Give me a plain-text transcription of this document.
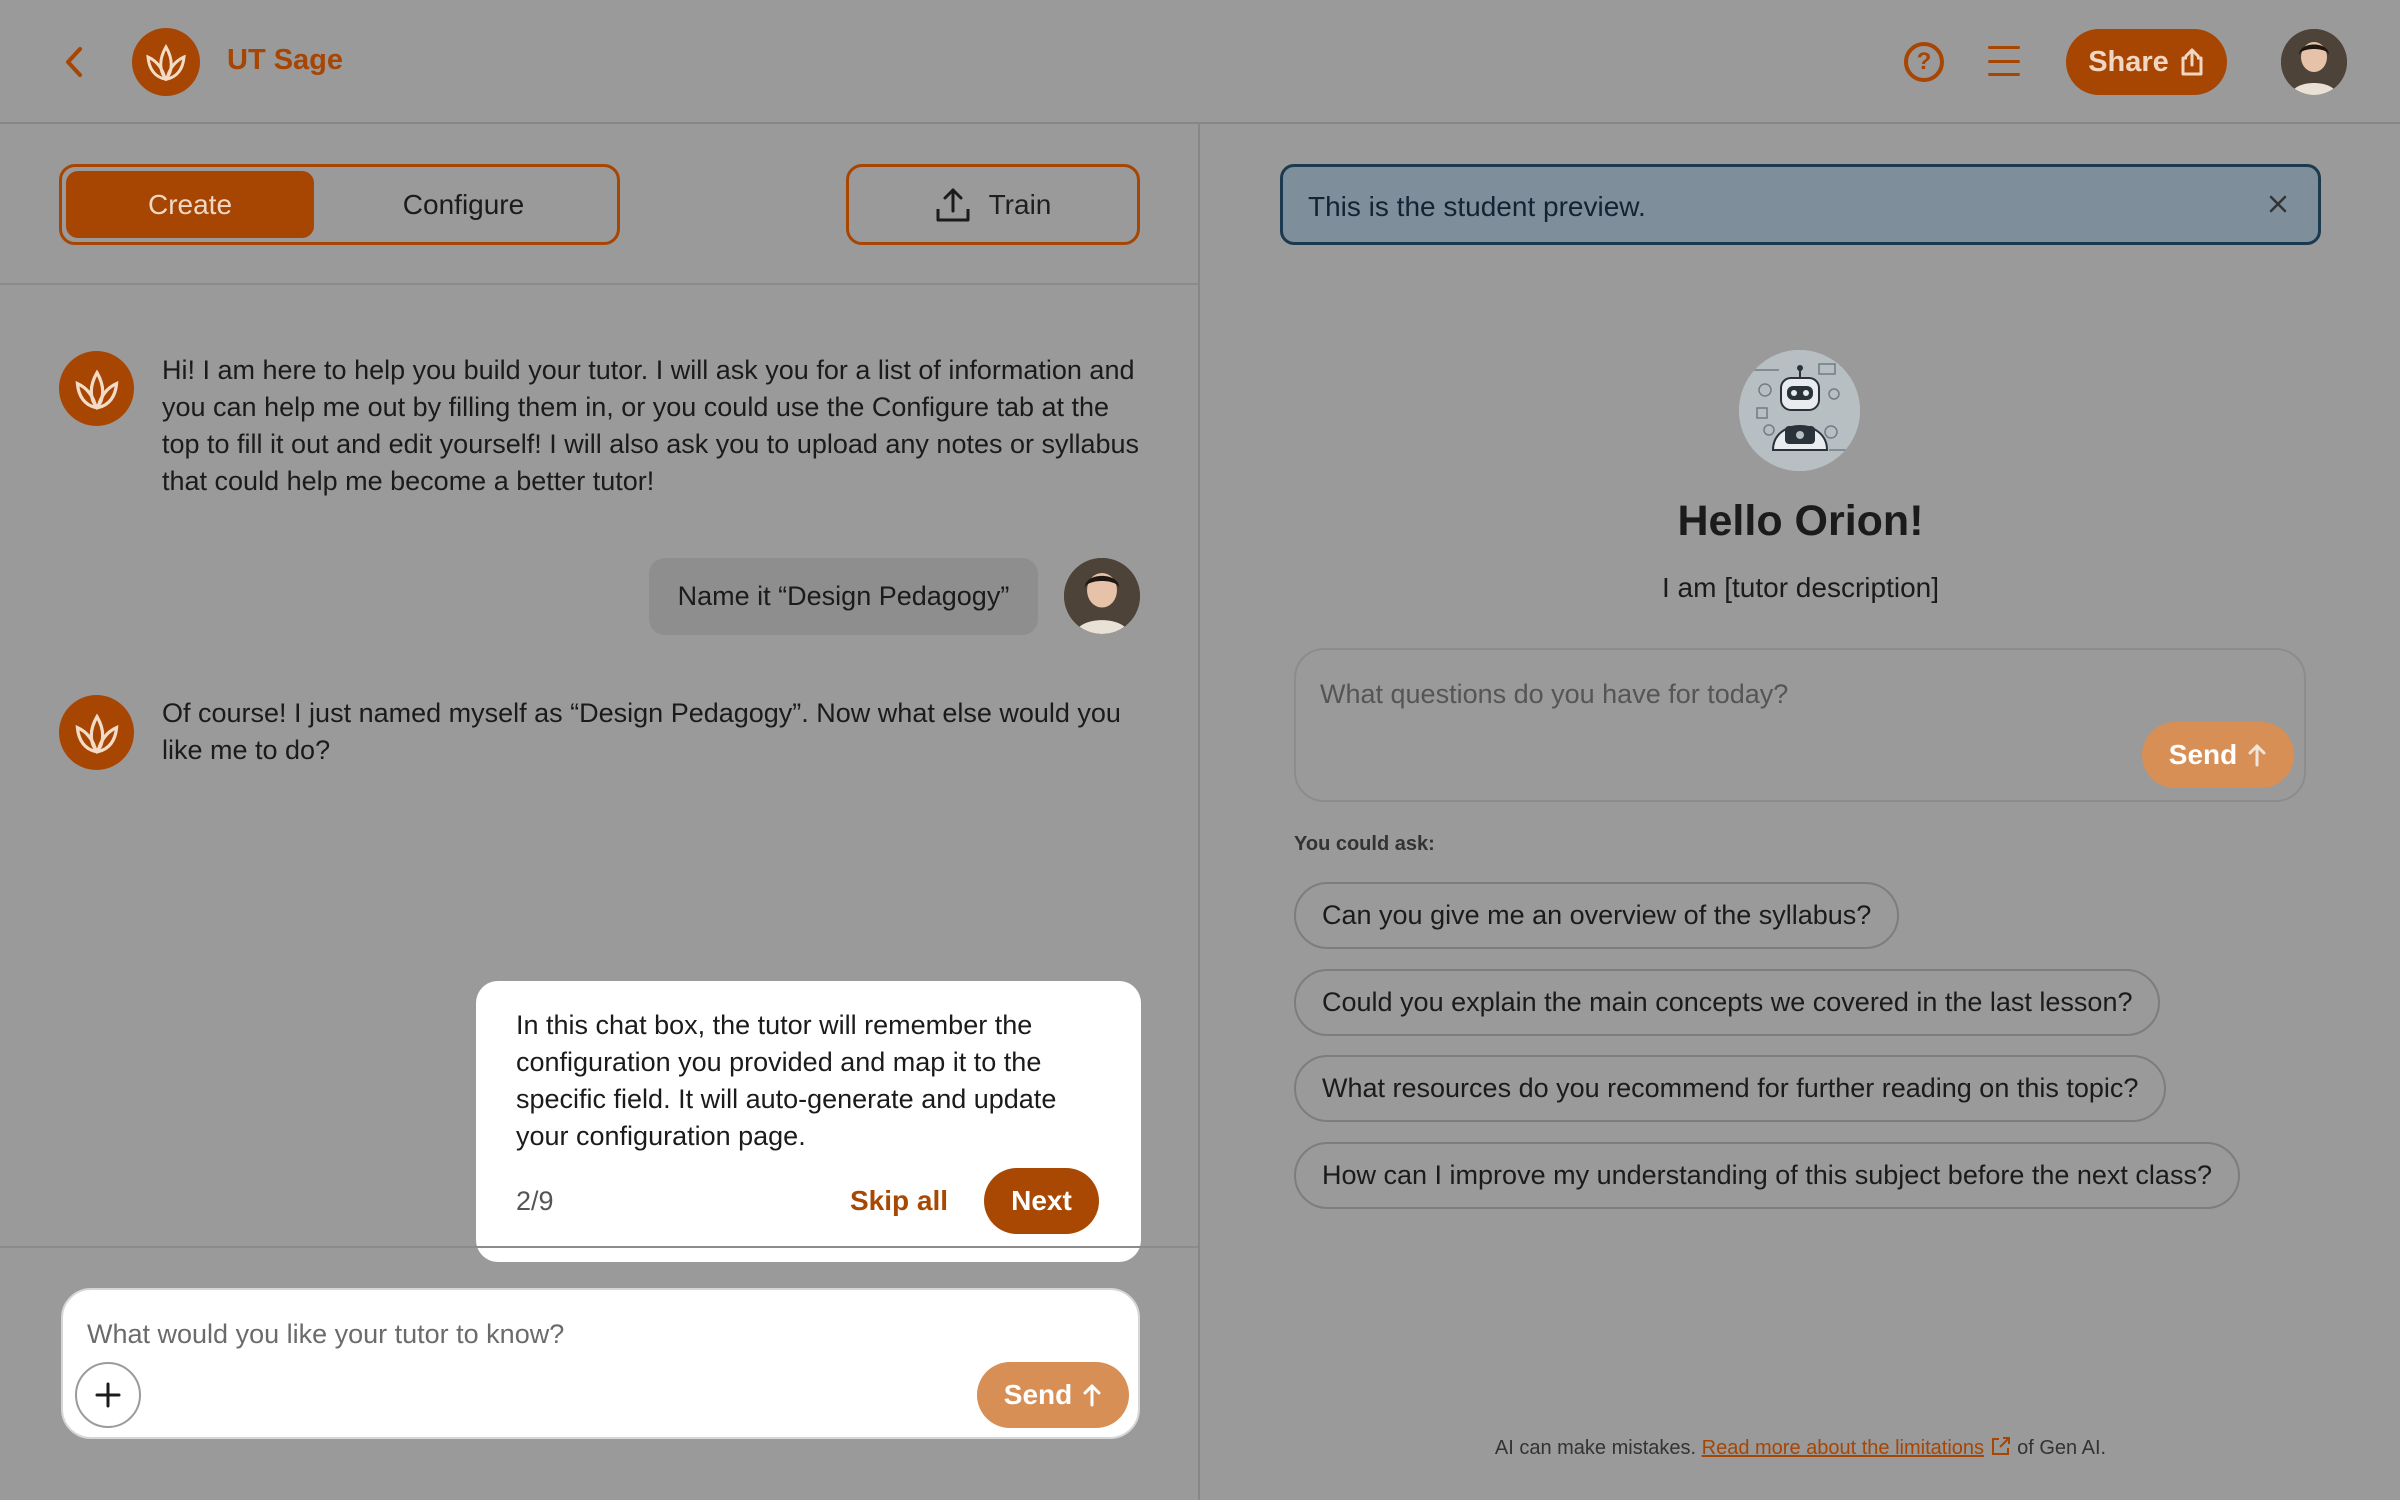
UT Sage	?	Share
Create	Configure	Train
Hi! I am here to help you build your tutor. I will ask you for a list of information and you can help me out by filling them in, or you could use the Configure tab at the top to fill it out and edit yourself! I will also ask you to upload any notes or syllabus that could help me become a better tutor!
Name it “Design Pedagogy”
Of course! I just named myself as “Design Pedagogy”. Now what else would you like me to do?
In this chat box, the tutor will remember the configuration you provided and map it to the specific field. It will auto-generate and update your configuration page.
2/9	Skip all	Next
What would you like your tutor to know?
Send
This is the student preview.
Hello Orion!
I am [tutor description]
What questions do you have for today?
Send
You could ask:
Can you give me an overview of the syllabus?
Could you explain the main concepts we covered in the last lesson?
What resources do you recommend for further reading on this topic?
How can I improve my understanding of this subject before the next class?
AI can make mistakes. Read more about the limitations of Gen AI.
